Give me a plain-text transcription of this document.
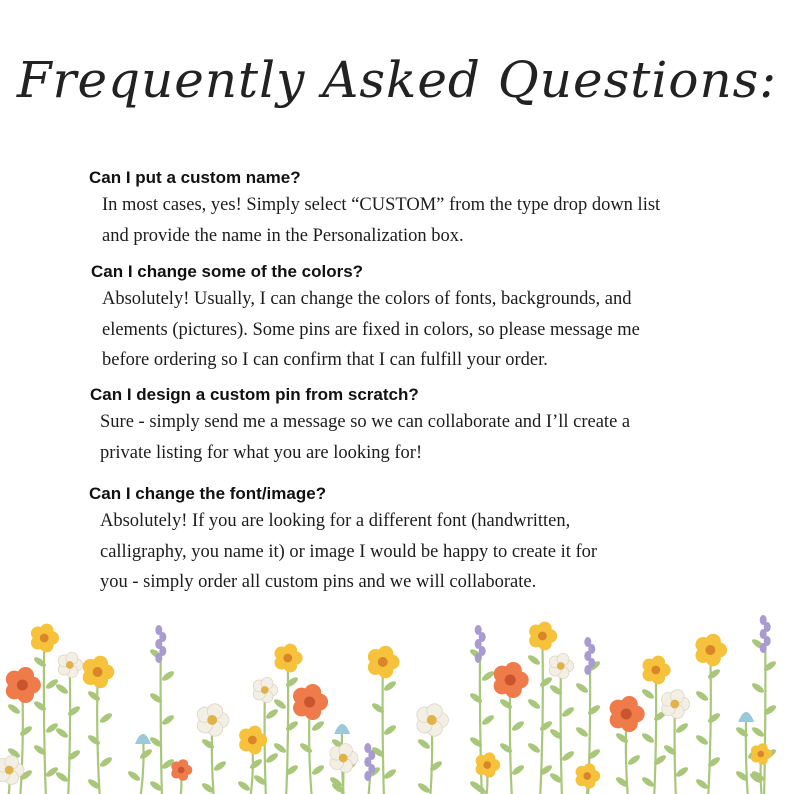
Frequently Asked Questions:
Can I put a custom name?
In most cases, yes! Simply select “CUSTOM” from the type drop down list
and provide the name in the Personalization box.
Can I change some of the colors?
Absolutely! Usually, I can change the colors of fonts, backgrounds, and
elements (pictures). Some pins are fixed in colors, so please message me
before ordering so I can confirm that I can fulfill your order.
Can I design a custom pin from scratch?
Sure - simply send me a message so we can collaborate and I’ll create a
private listing for what you are looking for!
Can I change the font/image?
Absolutely! If you are looking for a different font (handwritten,
calligraphy, you name it) or image I would be happy to create it for
you - simply order all custom pins and we will collaborate.
